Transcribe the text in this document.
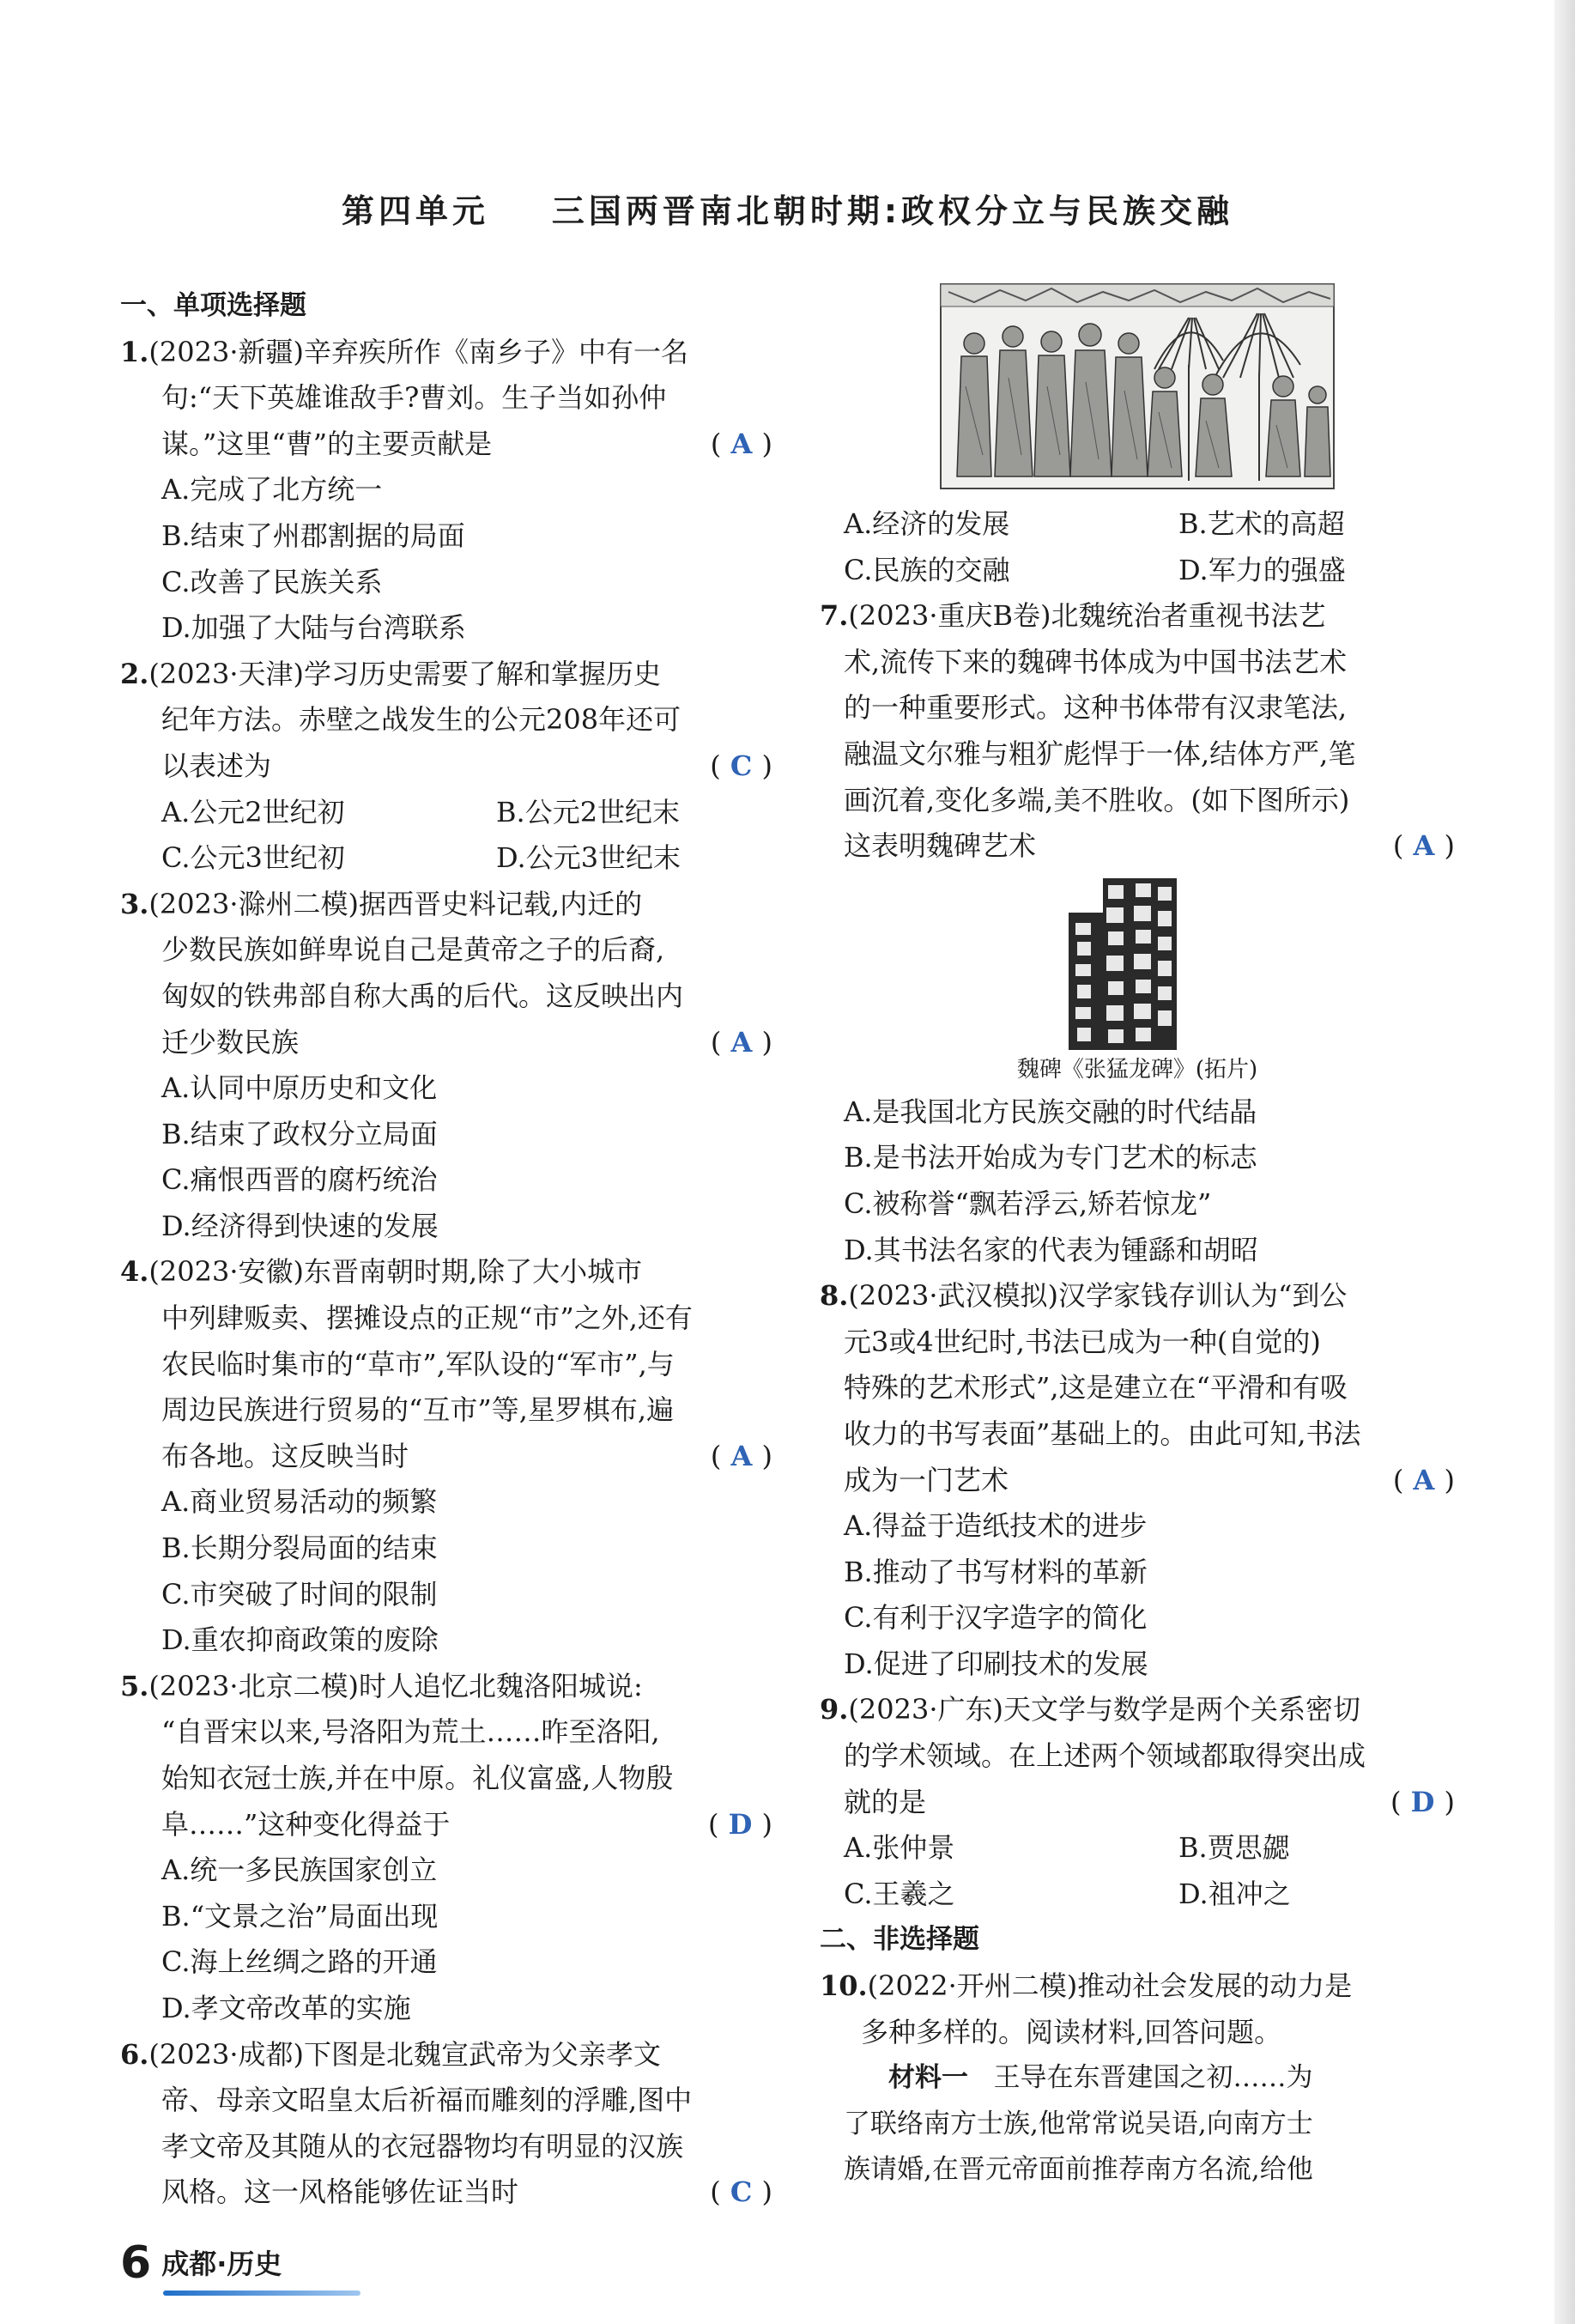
第四单元    三国两晋南北朝时期:政权分立与民族交融
一、单项选择题
1.(2023·新疆)辛弃疾所作《南乡子》中有一名
句:“天下英雄谁敌手?曹刘。生子当如孙仲
谋。”这里“曹”的主要贡献是	( A )
A.完成了北方统一
B.结束了州郡割据的局面
C.改善了民族关系
D.加强了大陆与台湾联系
2.(2023·天津)学习历史需要了解和掌握历史
纪年方法。赤壁之战发生的公元208年还可
以表述为	( C )
A.公元2世纪初	B.公元2世纪末
C.公元3世纪初	D.公元3世纪末
3.(2023·滁州二模)据西晋史料记载,内迁的
少数民族如鲜卑说自己是黄帝之子的后裔,
匈奴的铁弗部自称大禹的后代。这反映出内
迁少数民族	( A )
A.认同中原历史和文化
B.结束了政权分立局面
C.痛恨西晋的腐朽统治
D.经济得到快速的发展
4.(2023·安徽)东晋南朝时期,除了大小城市
中列肆贩卖、摆摊设点的正规“市”之外,还有
农民临时集市的“草市”,军队设的“军市”,与
周边民族进行贸易的“互市”等,星罗棋布,遍
布各地。这反映当时	( A )
A.商业贸易活动的频繁
B.长期分裂局面的结束
C.市突破了时间的限制
D.重农抑商政策的废除
5.(2023·北京二模)时人追忆北魏洛阳城说:
“自晋宋以来,号洛阳为荒土……昨至洛阳,
始知衣冠士族,并在中原。礼仪富盛,人物殷
阜……”这种变化得益于	( D )
A.统一多民族国家创立
B.“文景之治”局面出现
C.海上丝绸之路的开通
D.孝文帝改革的实施
6.(2023·成都)下图是北魏宣武帝为父亲孝文
帝、母亲文昭皇太后祈福而雕刻的浮雕,图中
孝文帝及其随从的衣冠器物均有明显的汉族
风格。这一风格能够佐证当时	( C )
A.经济的发展	B.艺术的高超
C.民族的交融	D.军力的强盛
7.(2023·重庆B卷)北魏统治者重视书法艺
术,流传下来的魏碑书体成为中国书法艺术
的一种重要形式。这种书体带有汉隶笔法,
融温文尔雅与粗犷彪悍于一体,结体方严,笔
画沉着,变化多端,美不胜收。(如下图所示)
这表明魏碑艺术	( A )
魏碑《张猛龙碑》(拓片)
A.是我国北方民族交融的时代结晶
B.是书法开始成为专门艺术的标志
C.被称誉“飘若浮云,矫若惊龙”
D.其书法名家的代表为锺繇和胡昭
8.(2023·武汉模拟)汉学家钱存训认为“到公
元3或4世纪时,书法已成为一种(自觉的)
特殊的艺术形式”,这是建立在“平滑和有吸
收力的书写表面”基础上的。由此可知,书法
成为一门艺术	( A )
A.得益于造纸技术的进步
B.推动了书写材料的革新
C.有利于汉字造字的简化
D.促进了印刷技术的发展
9.(2023·广东)天文学与数学是两个关系密切
的学术领域。在上述两个领域都取得突出成
就的是	( D )
A.张仲景	B.贾思勰
C.王羲之	D.祖冲之
二、非选择题
10.(2022·开州二模)推动社会发展的动力是
多种多样的。阅读材料,回答问题。
材料一 王导在东晋建国之初……为
了联络南方士族,他常常说吴语,向南方士
族请婚,在晋元帝面前推荐南方名流,给他
6 成都·历史
